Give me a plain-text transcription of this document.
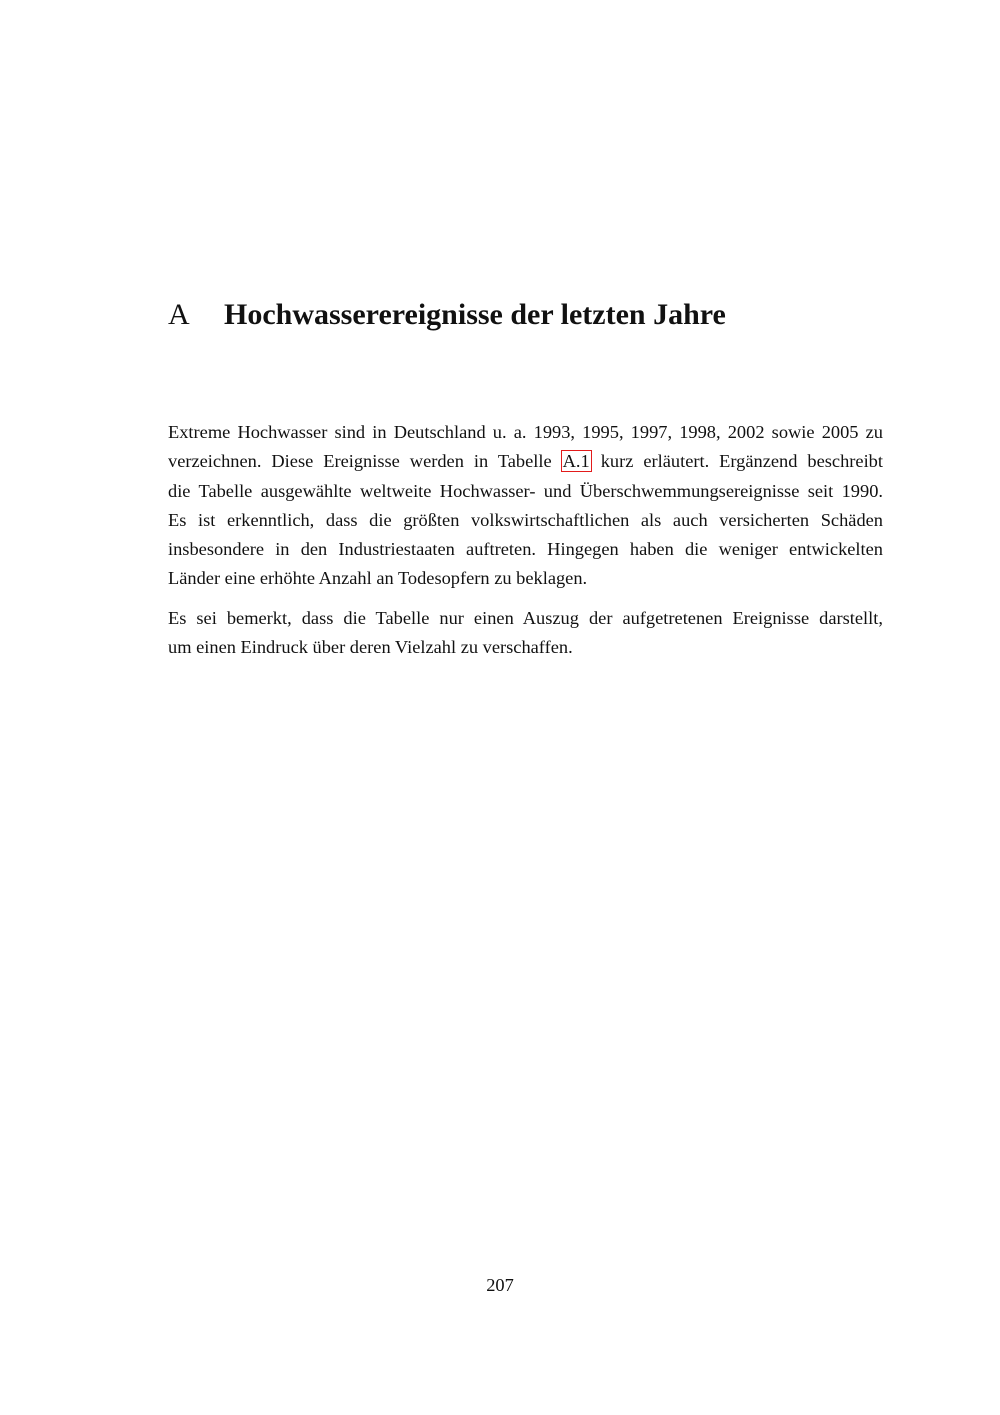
A Hochwasserereignisse der letzten Jahre

Extreme Hochwasser sind in Deutschland u. a. 1993, 1995, 1997, 1998, 2002 sowie 2005 zu
verzeichnen. Diese Ereignisse werden in Tabelle A.1 kurz erläutert. Ergänzend beschreibt
die Tabelle ausgewählte weltweite Hochwasser- und Überschwemmungsereignisse seit 1990.
Es ist erkenntlich, dass die größten volkswirtschaftlichen als auch versicherten Schäden
insbesondere in den Industriestaaten auftreten. Hingegen haben die weniger entwickelten
Länder eine erhöhte Anzahl an Todesopfern zu beklagen.

Es sei bemerkt, dass die Tabelle nur einen Auszug der aufgetretenen Ereignisse darstellt,
um einen Eindruck über deren Vielzahl zu verschaffen.

207
